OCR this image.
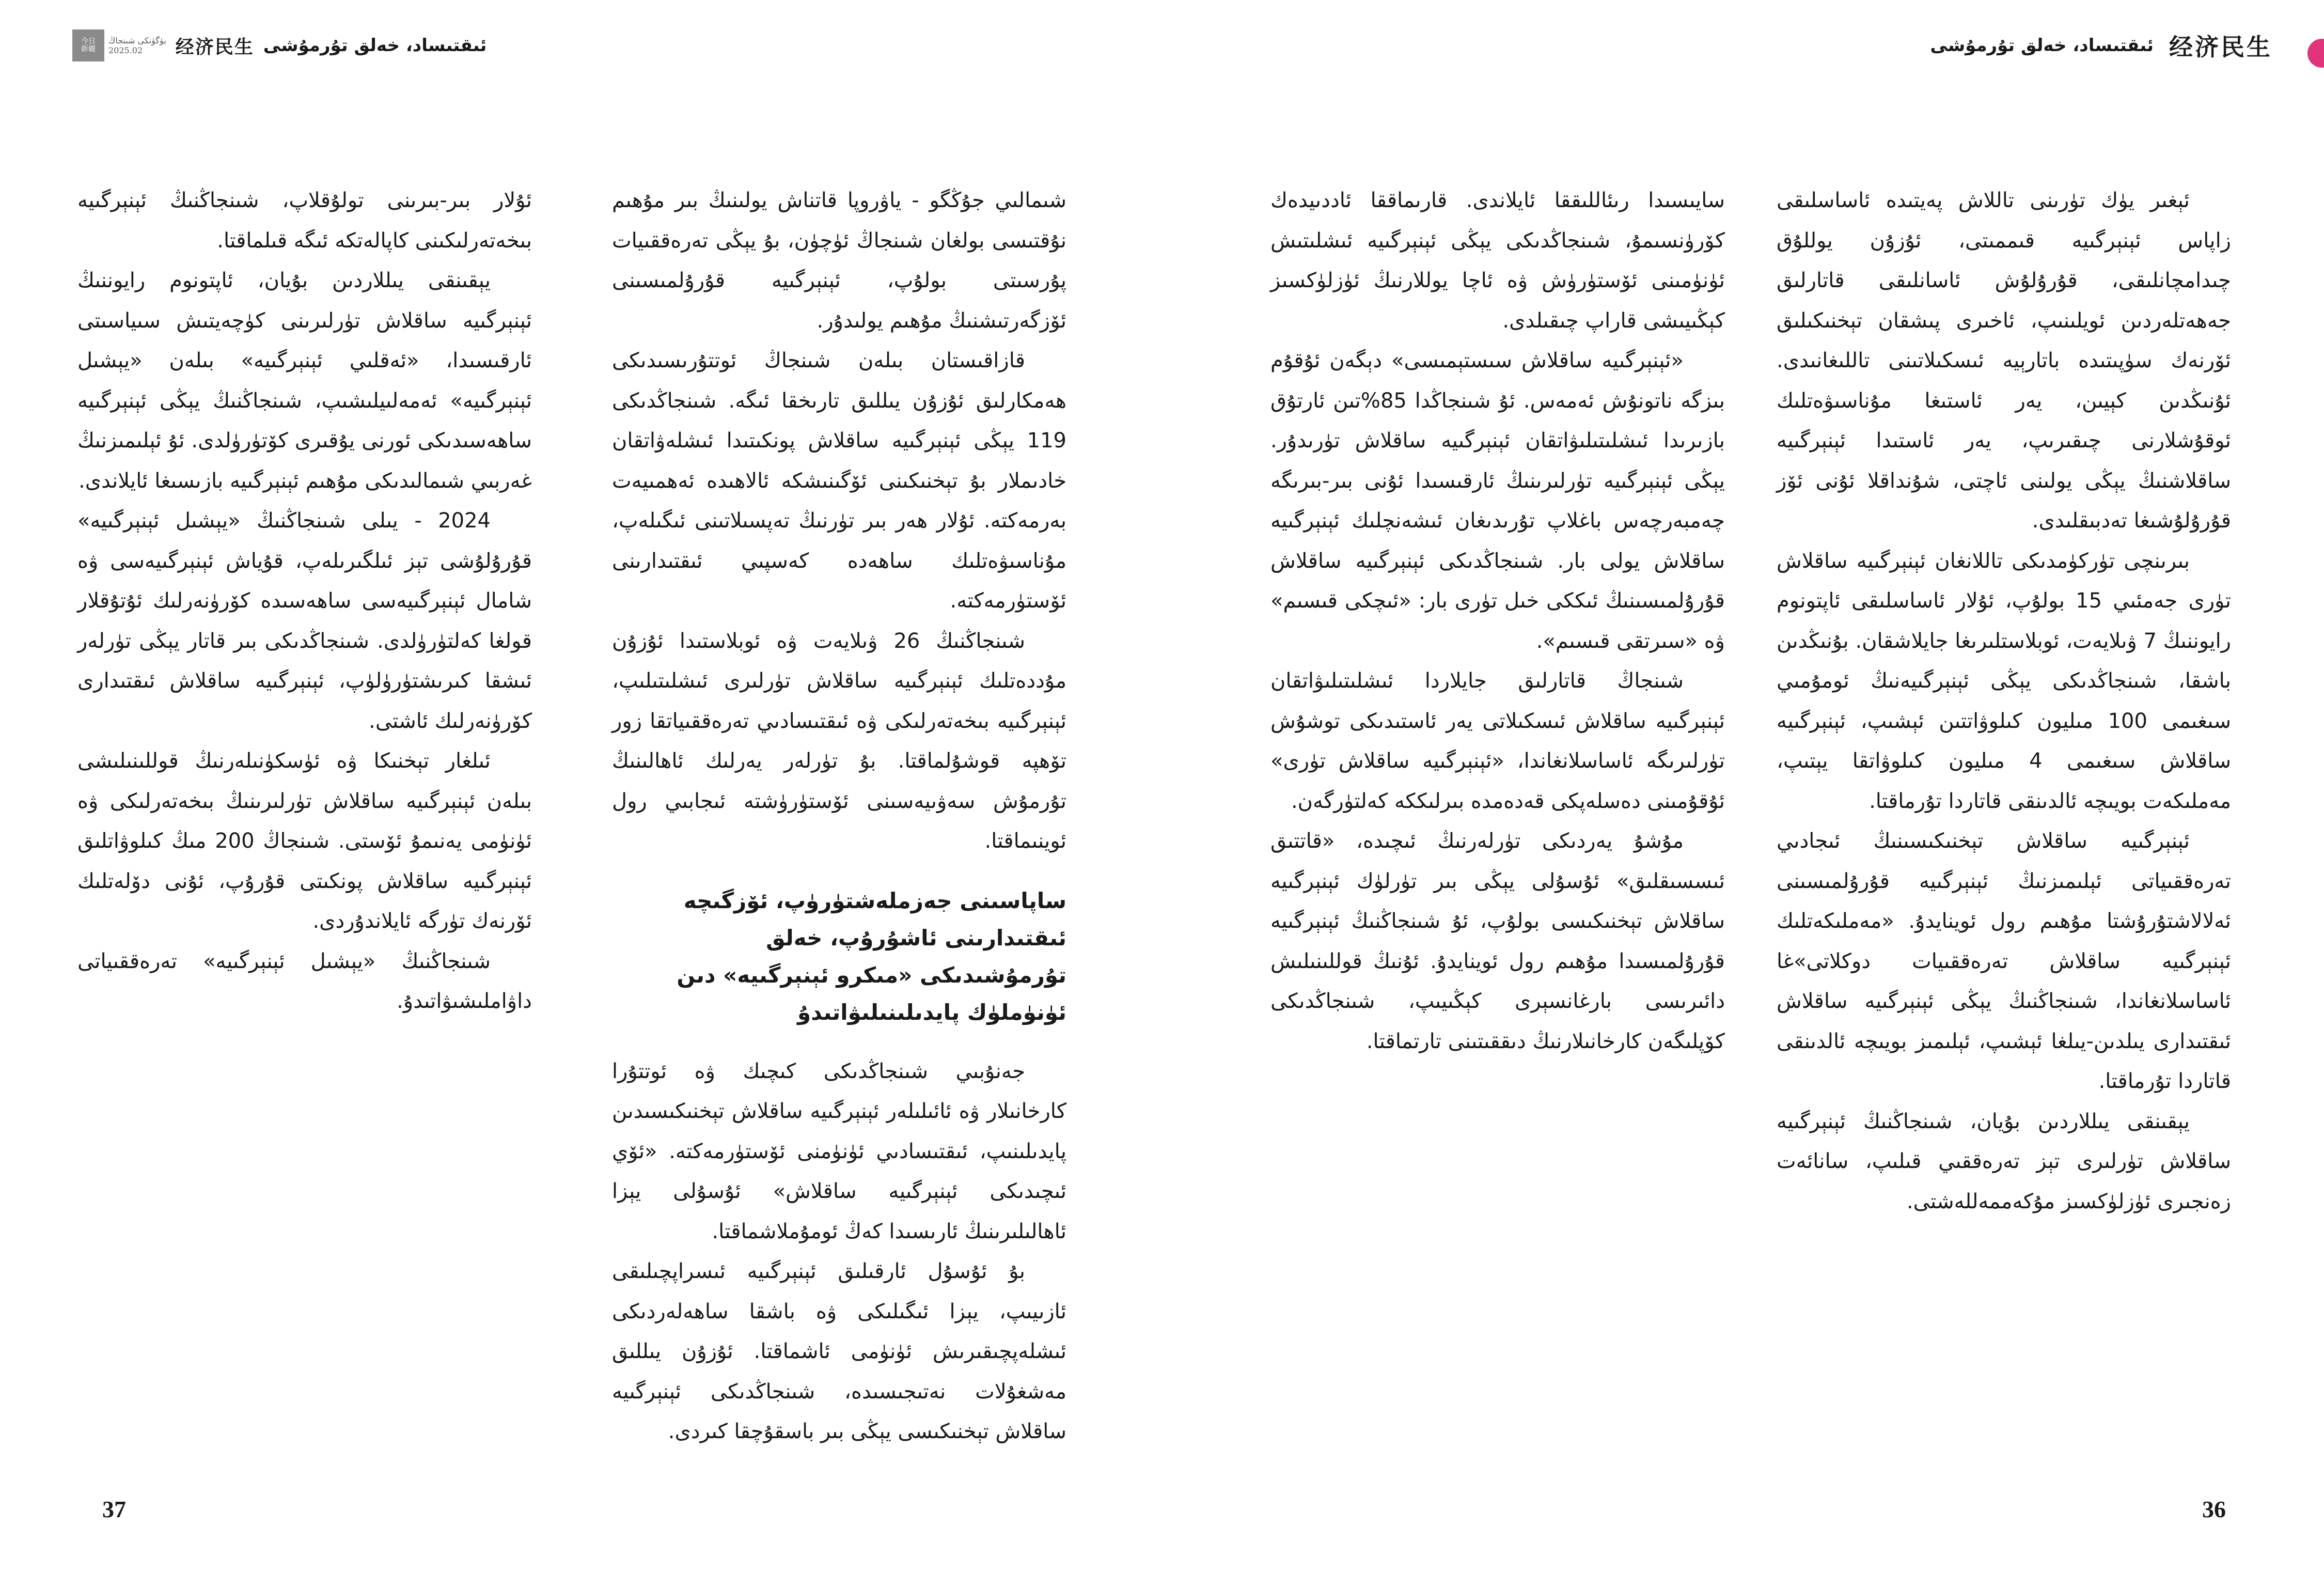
ئىقتىساد، خەلق تۇرمۇشى
经济民生
今日
新疆
بۈگۈنكى شىنجاڭ
2025.02

ئۇلار بىر-بىرىنى تولۇقلاپ، شىنجاڭنىڭ ئېنېرگىيە بىخەتەرلىكىنى كاپالەتكە ئىگە قىلماقتا.

يېقىنقى يىللاردىن بۇيان، ئاپتونوم رايوننىڭ ئېنېرگىيە ساقلاش تۈرلىرىنى كۈچەيتىش سىياسىتى ئارقىسىدا، «ئەقلىي ئېنېرگىيە» بىلەن «يېشىل ئېنېرگىيە» ئەمەلىيلىشىپ، شىنجاڭنىڭ يېڭى ئېنېرگىيە ساھەسىدىكى ئورنى يۇقىرى كۆتۈرۈلدى. ئۇ ئېلىمىزنىڭ غەربىي شىمالىدىكى مۇھىم ئېنېرگىيە بازىسىغا ئايلاندى.

2024 - يىلى شىنجاڭنىڭ «يېشىل ئېنېرگىيە» قۇرۇلۇشى تېز ئىلگىرىلەپ، قۇياش ئېنېرگىيەسى ۋە شامال ئېنېرگىيەسى ساھەسىدە كۆرۈنەرلىك ئۇتۇقلار قولغا كەلتۈرۈلدى. شىنجاڭدىكى بىر قاتار يېڭى تۈرلەر ئىشقا كىرىشتۈرۈلۈپ، ئېنېرگىيە ساقلاش ئىقتىدارى كۆرۈنەرلىك ئاشتى.

ئىلغار تېخنىكا ۋە ئۈسكۈنىلەرنىڭ قوللىنىلىشى بىلەن ئېنېرگىيە ساقلاش تۈرلىرىنىڭ بىخەتەرلىكى ۋە ئۈنۈمى يەنىمۇ ئۆستى. شىنجاڭ 200 مىڭ كىلوۋاتلىق ئېنېرگىيە ساقلاش پونكىتى قۇرۇپ، ئۇنى دۆلەتلىك ئۆرنەك تۈرگە ئايلاندۇردى.

شىنجاڭنىڭ «يېشىل ئېنېرگىيە» تەرەققىياتى داۋاملىشىۋاتىدۇ.

شىمالىي جۇڭگو - ياۋروپا قاتناش يولىنىڭ بىر مۇھىم نۇقتىسى بولغان شىنجاڭ ئۈچۈن، بۇ يېڭى تەرەققىيات پۇرسىتى بولۇپ، ئېنېرگىيە قۇرۇلمىسىنى ئۆزگەرتىشنىڭ مۇھىم يولىدۇر.

قازاقىستان بىلەن شىنجاڭ ئوتتۇرىسىدىكى ھەمكارلىق ئۇزۇن يىللىق تارىخقا ئىگە. شىنجاڭدىكى 119 يېڭى ئېنېرگىيە ساقلاش پونكىتىدا ئىشلەۋاتقان خادىملار بۇ تېخنىكىنى ئۆگىنىشكە ئالاھىدە ئەھمىيەت بەرمەكتە. ئۇلار ھەر بىر تۈرنىڭ تەپسىلاتىنى ئىگىلەپ، مۇناسىۋەتلىك ساھەدە كەسپىي ئىقتىدارىنى ئۆستۈرمەكتە.

شىنجاڭنىڭ 26 ۋىلايەت ۋە ئوبلاستىدا ئۇزۇن مۇددەتلىك ئېنېرگىيە ساقلاش تۈرلىرى ئىشلىتىلىپ، ئېنېرگىيە بىخەتەرلىكى ۋە ئىقتىسادىي تەرەققىياتقا زور تۆھپە قوشۇلماقتا. بۇ تۈرلەر يەرلىك ئاھالىنىڭ تۇرمۇش سەۋىيەسىنى ئۆستۈرۈشتە ئىجابىي رول ئوينىماقتا.

ساپاسىنى جەزملەشتۈرۈپ، ئۆزگىچە ئىقتىدارىنى ئاشۇرۇپ، خەلق تۇرمۇشىدىكى «مىكرو ئېنېرگىيە» دىن ئۈنۈملۈك پايدىلىنىلىۋاتىدۇ

جەنۇبىي شىنجاڭدىكى كىچىك ۋە ئوتتۇرا كارخانىلار ۋە ئائىلىلەر ئېنېرگىيە ساقلاش تېخنىكىسىدىن پايدىلىنىپ، ئىقتىسادىي ئۈنۈمنى ئۆستۈرمەكتە. «ئۆي ئىچىدىكى ئېنېرگىيە ساقلاش» ئۇسۇلى يېزا ئاھالىلىرىنىڭ ئارىسىدا كەڭ ئومۇملاشماقتا.

بۇ ئۇسۇل ئارقىلىق ئېنېرگىيە ئىسراپچىلىقى ئازىيىپ، يېزا ئىگىلىكى ۋە باشقا ساھەلەردىكى ئىشلەپچىقىرىش ئۈنۈمى ئاشماقتا. ئۇزۇن يىللىق مەشغۇلات نەتىجىسىدە، شىنجاڭدىكى ئېنېرگىيە ساقلاش تېخنىكىسى يېڭى بىر باسقۇچقا كىردى.

37
经济民生
ئىقتىساد، خەلق تۇرمۇشى
36

سايىسىدا رىئاللىققا ئايلاندى. قارىماققا ئاددىيدەك كۆرۈنسىمۇ، شىنجاڭدىكى يېڭى ئېنېرگىيە ئىشلىتىش ئۈنۈمىنى ئۆستۈرۈش ۋە ئاچا يوللارنىڭ ئۈزلۈكسىز كېڭىيىشى قاراپ چىقىلدى.

«ئېنېرگىيە ساقلاش سىستېمىسى» دېگەن ئۇقۇم بىزگە ناتونۇش ئەمەس. ئۇ شىنجاڭدا 85%تىن ئارتۇق بازىرىدا ئىشلىتىلىۋاتقان ئېنېرگىيە ساقلاش تۈرىدۇر. يېڭى ئېنېرگىيە تۈرلىرىنىڭ ئارقىسىدا ئۇنى بىر-بىرىگە چەمبەرچەس باغلاپ تۇرىدىغان ئىشەنچلىك ئېنېرگىيە ساقلاش يولى بار. شىنجاڭدىكى ئېنېرگىيە ساقلاش قۇرۇلمىسىنىڭ ئىككى خىل تۈرى بار: «ئىچكى قىسىم» ۋە «سىرتقى قىسىم».

شىنجاڭ قاتارلىق جايلاردا ئىشلىتىلىۋاتقان ئېنېرگىيە ساقلاش ئىسكىلاتى يەر ئاستىدىكى توشۇش تۈرلىرىگە ئاساسلانغاندا، «ئېنېرگىيە ساقلاش تۈرى» ئۇقۇمىنى دەسلەپكى قەدەمدە بىرلىككە كەلتۈرگەن.

مۇشۇ يەردىكى تۈرلەرنىڭ ئىچىدە، «قاتتىق ئىسسىقلىق» ئۇسۇلى يېڭى بىر تۈرلۈك ئېنېرگىيە ساقلاش تېخنىكىسى بولۇپ، ئۇ شىنجاڭنىڭ ئېنېرگىيە قۇرۇلمىسىدا مۇھىم رول ئوينايدۇ. ئۇنىڭ قوللىنىلىش دائىرىسى بارغانسېرى كېڭىيىپ، شىنجاڭدىكى كۆپلىگەن كارخانىلارنىڭ دىققىتىنى تارتماقتا.

ئېغىر يۈك تۈرىنى تاللاش پەيتىدە ئاساسلىقى زاپاس ئېنېرگىيە قىممىتى، ئۇزۇن يوللۇق چىدامچانلىقى، قۇرۇلۇش ئاسانلىقى قاتارلىق جەھەتلەردىن ئويلىنىپ، ئاخىرى پىشقان تېخنىكىلىق ئۆرنەك سۈپىتىدە باتارېيە ئىسكىلاتىنى تاللىغانىدى. ئۇنىڭدىن كېيىن، يەر ئاستىغا مۇناسىۋەتلىك ئوقۇشلارنى چىقىرىپ، يەر ئاستىدا ئېنېرگىيە ساقلاشنىڭ يېڭى يولىنى ئاچتى، شۇنداقلا ئۇنى ئۆز قۇرۇلۇشىغا تەدبىقلىدى.

بىرىنچى تۈركۈمدىكى تاللانغان ئېنېرگىيە ساقلاش تۈرى جەمئىي 15 بولۇپ، ئۇلار ئاساسلىقى ئاپتونوم رايوننىڭ 7 ۋىلايەت، ئوبلاستلىرىغا جايلاشقان. بۇنىڭدىن باشقا، شىنجاڭدىكى يېڭى ئېنېرگىيەنىڭ ئومۇمىي سىغىمى 100 مىليون كىلوۋاتتىن ئېشىپ، ئېنېرگىيە ساقلاش سىغىمى 4 مىليون كىلوۋاتقا يېتىپ، مەملىكەت بويىچە ئالدىنقى قاتاردا تۇرماقتا.

ئېنېرگىيە ساقلاش تېخنىكىسىنىڭ ئىجادىي تەرەققىياتى ئېلىمىزنىڭ ئېنېرگىيە قۇرۇلمىسىنى ئەلالاشتۇرۇشتا مۇھىم رول ئوينايدۇ. «مەملىكەتلىك ئېنېرگىيە ساقلاش تەرەققىيات دوكلاتى»غا ئاساسلانغاندا، شىنجاڭنىڭ يېڭى ئېنېرگىيە ساقلاش ئىقتىدارى يىلدىن-يىلغا ئېشىپ، ئېلىمىز بويىچە ئالدىنقى قاتاردا تۇرماقتا.

يېقىنقى يىللاردىن بۇيان، شىنجاڭنىڭ ئېنېرگىيە ساقلاش تۈرلىرى تېز تەرەققىي قىلىپ، سانائەت زەنجىرى ئۈزلۈكسىز مۇكەممەللەشتى.
